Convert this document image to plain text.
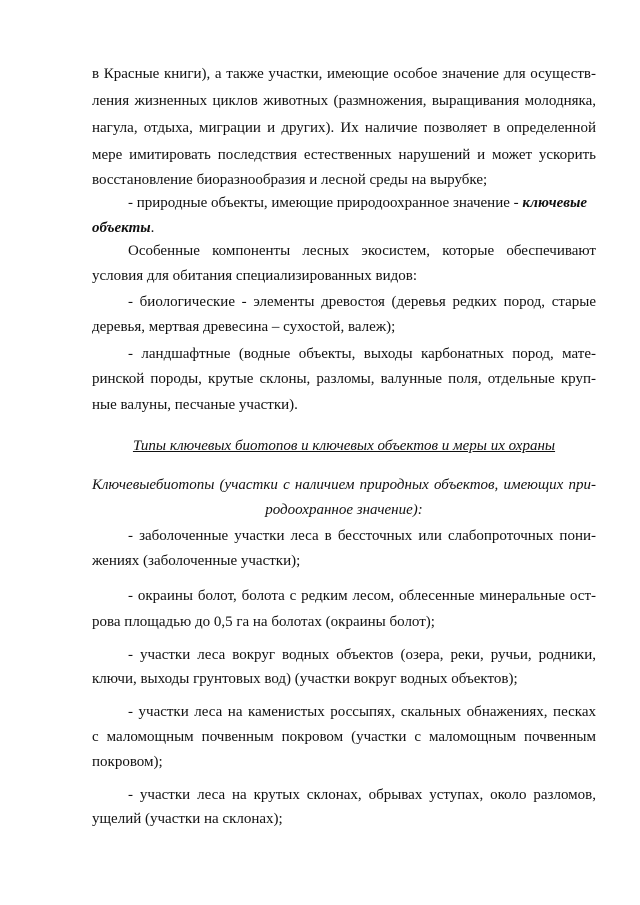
в Красные книги), а также участки, имеющие особое значение для осуществ-
ления жизненных циклов животных (размножения, выращивания молодняка,
нагула, отдыха, миграции и других). Их наличие позволяет в определенной
мере имитировать последствия естественных нарушений и может ускорить
восстановление биоразнообразия и лесной среды на вырубке;
- природные объекты, имеющие природоохранное значение - ключевые
объекты.
Особенные компоненты лесных экосистем, которые обеспечивают
условия для обитания специализированных видов:
- биологические - элементы древостоя (деревья редких пород, старые
деревья, мертвая древесина – сухостой, валеж);
- ландшафтные (водные объекты, выходы карбонатных пород, мате-
ринской породы, крутые склоны, разломы, валунные поля, отдельные круп-
ные валуны, песчаные участки).
Типы ключевых биотопов и ключевых объектов и меры их охраны
Ключевыебиотопы (участки с наличием природных объектов, имеющих при-
родоохранное значение):
- заболоченные участки леса в бессточных или слабопроточных пони-
жениях (заболоченные участки);
- окраины болот, болота с редким лесом, облесенные минеральные ост-
рова площадью до 0,5 га на болотах (окраины болот);
- участки леса вокруг водных объектов (озера, реки, ручьи, родники,
ключи, выходы грунтовых вод) (участки вокруг водных объектов);
- участки леса на каменистых россыпях, скальных обнажениях, песках
с маломощным почвенным покровом (участки с маломощным почвенным
покровом);
- участки леса на крутых склонах, обрывах уступах, около разломов,
ущелий (участки на склонах);
